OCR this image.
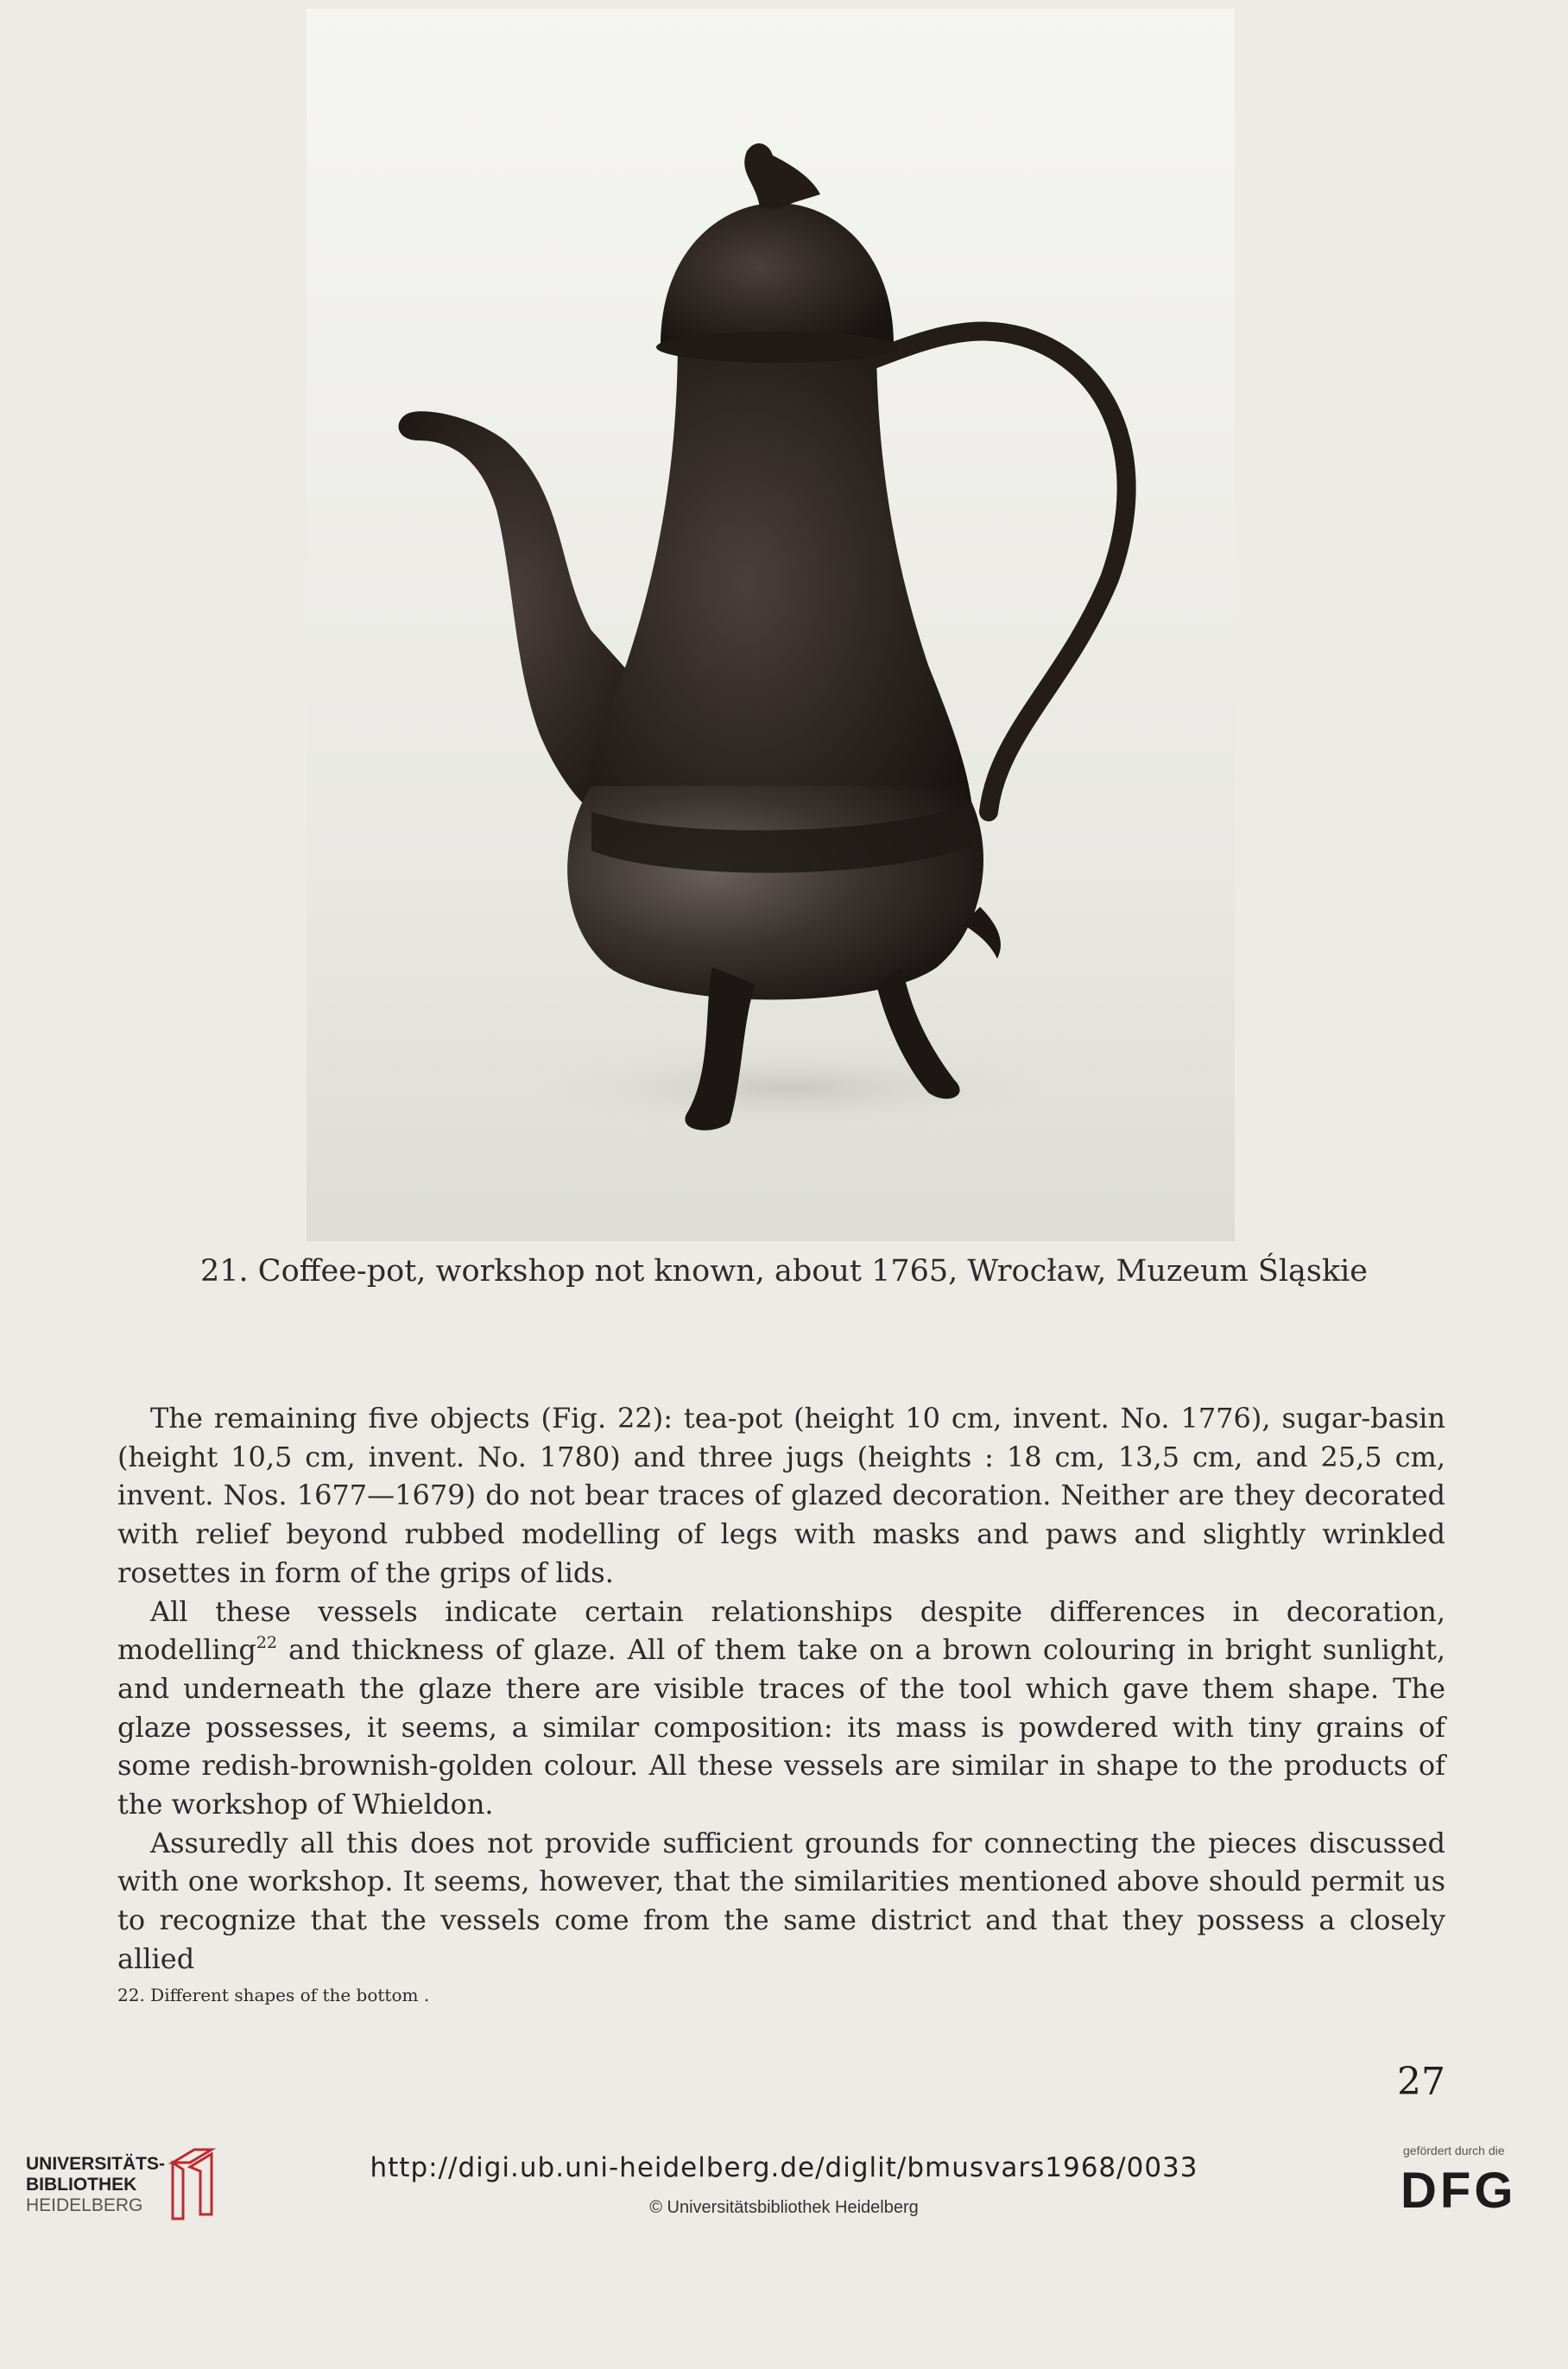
21. Coffee-pot, workshop not known, about 1765, Wrocław, Muzeum Śląskie

The remaining five objects (Fig. 22): tea-pot (height 10 cm, invent. No. 1776), sugar-basin (height 10,5 cm, invent. No. 1780) and three jugs (heights : 18 cm, 13,5 cm, and 25,5 cm, invent. Nos. 1677—1679) do not bear traces of glazed decoration. Neither are they decorated with relief beyond rubbed modelling of legs with masks and paws and slightly wrinkled rosettes in form of the grips of lids.

All these vessels indicate certain relationships despite differences in decoration, modelling$^{22}$ and thickness of glaze. All of them take on a brown colouring in bright sunlight, and underneath the glaze there are visible traces of the tool which gave them shape. The glaze possesses, it seems, a similar composition: its mass is powdered with tiny grains of some redish-brownish-golden colour. All these vessels are similar in shape to the products of the workshop of Whieldon.

Assuredly all this does not provide sufficient grounds for connecting the pieces discussed with one workshop. It seems, however, that the similarities mentioned above should permit us to recognize that the vessels come from the same district and that they possess a closely allied

22. Different shapes of the bottom .
27
UNIVERSITÄTS-
BIBLIOTHEK
HEIDELBERG
http://digi.ub.uni-heidelberg.de/diglit/bmusvars1968/0033
© Universitätsbibliothek Heidelberg
gefördert durch die
DFG
